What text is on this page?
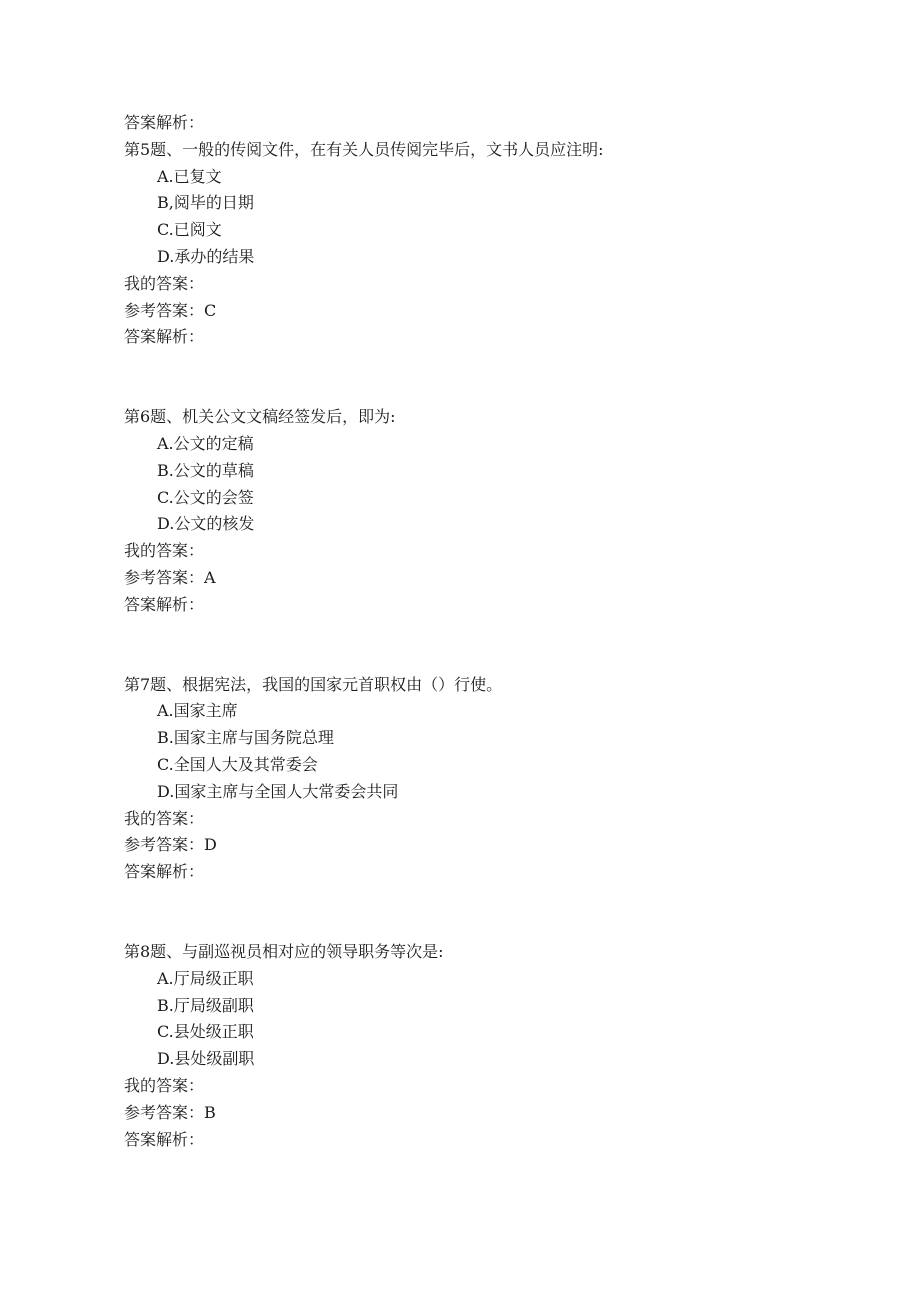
答案解析：
第5题、一般的传阅文件，在有关人员传阅完毕后，文书人员应注明:
A.已复文
B,阅毕的日期
C.已阅文
D.承办的结果
我的答案：
参考答案：C
答案解析：
第6题、机关公文文稿经签发后，即为:
A.公文的定稿
B.公文的草稿
C.公文的会签
D.公文的核发
我的答案：
参考答案：A
答案解析：
第7题、根据宪法，我国的国家元首职权由（）行使。
A.国家主席
B.国家主席与国务院总理
C.全国人大及其常委会
D.国家主席与全国人大常委会共同
我的答案：
参考答案：D
答案解析：
第8题、与副巡视员相对应的领导职务等次是:
A.厅局级正职
B.厅局级副职
C.县处级正职
D.县处级副职
我的答案：
参考答案：B
答案解析：
